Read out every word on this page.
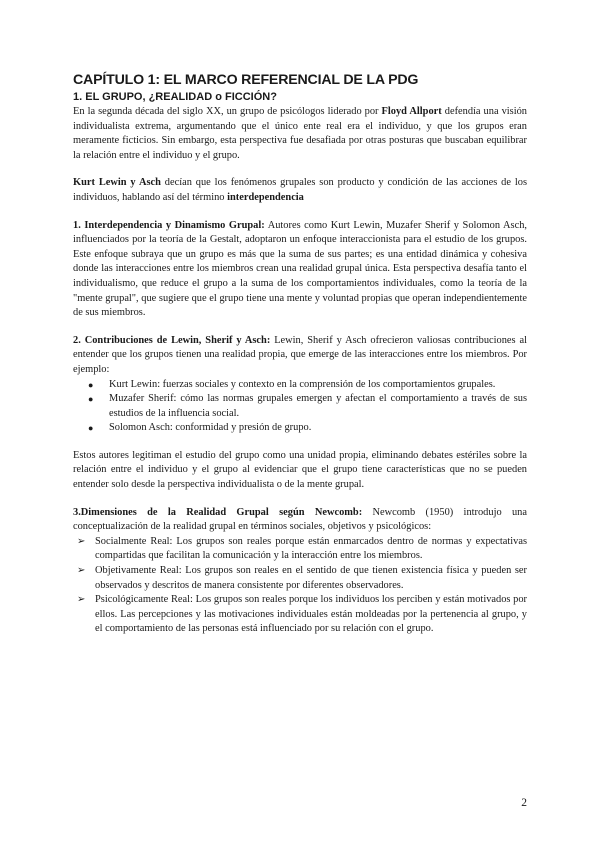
CAPÍTULO 1: EL MARCO REFERENCIAL DE LA PDG
1. EL GRUPO, ¿REALIDAD o FICCIÓN?

En la segunda década del siglo XX, un grupo de psicólogos liderado por Floyd Allport defendía una visión individualista extrema, argumentando que el único ente real era el individuo, y que los grupos eran meramente ficticios. Sin embargo, esta perspectiva fue desafiada por otras posturas que buscaban equilibrar la relación entre el individuo y el grupo.

Kurt Lewin y Asch decían que los fenómenos grupales son producto y condición de las acciones de los individuos, hablando así del término interdependencia

1. Interdependencia y Dinamismo Grupal: Autores como Kurt Lewin, Muzafer Sherif y Solomon Asch, influenciados por la teoría de la Gestalt, adoptaron un enfoque interaccionista para el estudio de los grupos. Este enfoque subraya que un grupo es más que la suma de sus partes; es una entidad dinámica y cohesiva donde las interacciones entre los miembros crean una realidad grupal única. Esta perspectiva desafía tanto el individualismo, que reduce el grupo a la suma de los comportamientos individuales, como la teoría de la "mente grupal", que sugiere que el grupo tiene una mente y voluntad propias que operan independientemente de sus miembros.

2. Contribuciones de Lewin, Sherif y Asch: Lewin, Sherif y Asch ofrecieron valiosas contribuciones al entender que los grupos tienen una realidad propia, que emerge de las interacciones entre los miembros. Por ejemplo:

● Kurt Lewin: fuerzas sociales y contexto en la comprensión de los comportamientos grupales.
● Muzafer Sherif: cómo las normas grupales emergen y afectan el comportamiento a través de sus estudios de la influencia social.
● Solomon Asch: conformidad y presión de grupo.

Estos autores legitiman el estudio del grupo como una unidad propia, eliminando debates estériles sobre la relación entre el individuo y el grupo al evidenciar que el grupo tiene características que no se pueden entender solo desde la perspectiva individualista o de la mente grupal.

3.Dimensiones de la Realidad Grupal según Newcomb: Newcomb (1950) introdujo una conceptualización de la realidad grupal en términos sociales, objetivos y psicológicos:

➢ Socialmente Real: Los grupos son reales porque están enmarcados dentro de normas y expectativas compartidas que facilitan la comunicación y la interacción entre los miembros.
➢ Objetivamente Real: Los grupos son reales en el sentido de que tienen existencia física y pueden ser observados y descritos de manera consistente por diferentes observadores.
➢ Psicológicamente Real: Los grupos son reales porque los individuos los perciben y están motivados por ellos. Las percepciones y las motivaciones individuales están moldeadas por la pertenencia al grupo, y el comportamiento de las personas está influenciado por su relación con el grupo.
2
